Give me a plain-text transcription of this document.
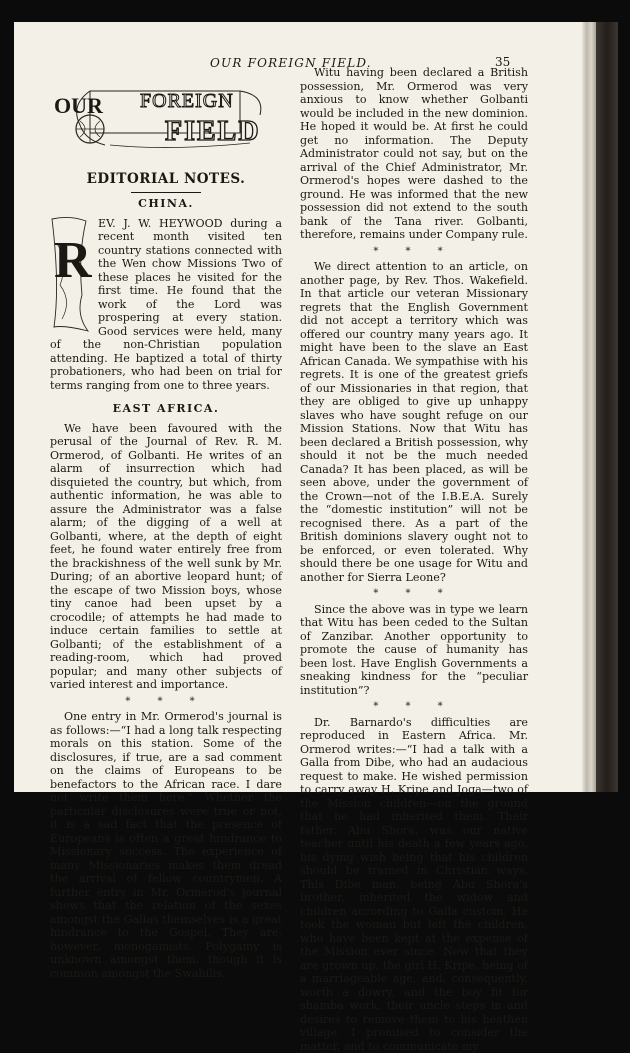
OUR FOREIGN FIELD.	35
OUR FOREIGN
FIELD
EDITORIAL NOTES.
CHINA.
R

EV. J. W. HEYWOOD during a recent month visited ten country stations connected with the Wen chow Missions Two of these places he visited for the first time. He found that the work of the Lord was prospering at every station. Good services were held, many of the non-Christian population attending. He baptized a total of thirty probationers, who had been on trial for terms ranging from one to three years.

EAST AFRICA.

We have been favoured with the perusal of the Journal of Rev. R. M. Ormerod, of Golbanti. He writes of an alarm of insurrection which had disquieted the country, but which, from authentic information, he was able to assure the Administrator was a false alarm; of the digging of a well at Golbanti, where, at the depth of eight feet, he found water entirely free from the brackishness of the well sunk by Mr. During; of an abortive leopard hunt; of the escape of two Mission boys, whose tiny canoe had been upset by a crocodile; of attempts he had made to induce certain families to settle at Golbanti; of the establishment of a reading-room, which had proved popular; and many other subjects of varied interest and importance.

* * *

One entry in Mr. Ormerod's journal is as follows:—“I had a long talk respecting morals on this station. Some of the disclosures, if true, are a sad comment on the claims of Europeans to be benefactors to the African race. I dare not write them here.” Whether the particular disclosures were true or not, it is a sad fact that the presence of Europeans is often a great hindrance to Missionary success. The experience of many Missionaries makes them dread the arrival of fellow countrymen. A further entry in Mr. Ormerod's journal shows that the relation of the sexes amongst the Gallas themselves is a great hindrance to the Gospel. They are, however, monogamists. Polygamy is unknown amongst them, though it is common amongst the Swahilis.

Witu having been declared a British possession, Mr. Ormerod was very anxious to know whether Golbanti would be included in the new dominion. He hoped it would be. At first he could get no information. The Deputy Administrator could not say, but on the arrival of the Chief Administrator, Mr. Ormerod's hopes were dashed to the ground. He was informed that the new possession did not extend to the south bank of the Tana river. Golbanti, therefore, remains under Company rule.

* * *

We direct attention to an article, on another page, by Rev. Thos. Wakefield. In that article our veteran Missionary regrets that the English Government did not accept a territory which was offered our country many years ago. It might have been to the slave an East African Canada. We sympathise with his regrets. It is one of the greatest griefs of our Missionaries in that region, that they are obliged to give up unhappy slaves who have sought refuge on our Mission Stations. Now that Witu has been declared a British possession, why should it not be the much needed Canada? It has been placed, as will be seen above, under the government of the Crown—not of the I.B.E.A. Surely the “domestic institution” will not be recognised there. As a part of the British dominions slavery ought not to be enforced, or even tolerated. Why should there be one usage for Witu and another for Sierra Leone?

* * *

Since the above was in type we learn that Witu has been ceded to the Sultan of Zanzibar. Another opportunity to promote the cause of humanity has been lost. Have English Governments a sneaking kindness for the “peculiar institution”?

* * *

Dr. Barnardo's difficulties are reproduced in Eastern Africa. Mr. Ormerod writes:—“I had a talk with a Galla from Dibe, who had an audacious request to make. He wished permission to carry away H. Kripe and Joga—two of the Mission children—on the ground that he had inherited them. Their father, Abu Shora, was our native teacher until his death a few years ago, his dying wish being that his children should be trained in Christian ways. This Dibe man, being Abu Shora's brother, inherited the widow and children according to Galla custom. He took the woman but left the children, who have been kept at the expense of the Mission ever since. Now that they are grown up, the girl H. Kripe, being of a marriageable age, and, consequently, worth a dowry, and the boy fit for shamba work, their uncle steps in and desires to remove them to his heathen village. I promised to consider the matter, and to communicate my
